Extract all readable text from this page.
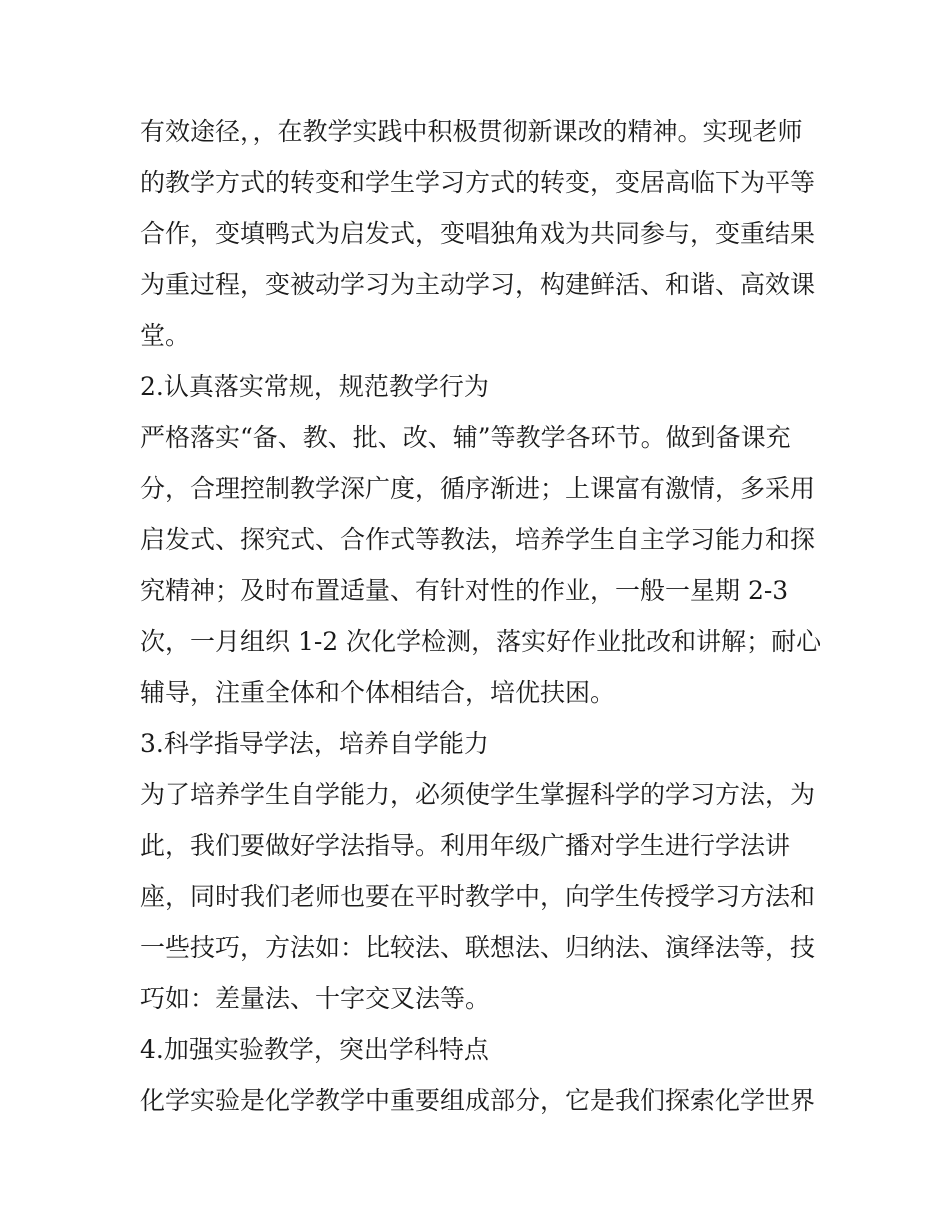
有效途径，，在教学实践中积极贯彻新课改的精神。实现老师
的教学方式的转变和学生学习方式的转变，变居高临下为平等
合作，变填鸭式为启发式，变唱独角戏为共同参与，变重结果
为重过程，变被动学习为主动学习，构建鲜活、和谐、高效课
堂。
2.认真落实常规，规范教学行为
严格落实“备、教、批、改、辅”等教学各环节。做到备课充
分，合理控制教学深广度，循序渐进；上课富有激情，多采用
启发式、探究式、合作式等教法，培养学生自主学习能力和探
究精神；及时布置适量、有针对性的作业，一般一星期 2-3
次，一月组织 1-2 次化学检测，落实好作业批改和讲解；耐心
辅导，注重全体和个体相结合，培优扶困。
3.科学指导学法，培养自学能力
为了培养学生自学能力，必须使学生掌握科学的学习方法，为
此，我们要做好学法指导。利用年级广播对学生进行学法讲
座，同时我们老师也要在平时教学中，向学生传授学习方法和
一些技巧，方法如：比较法、联想法、归纳法、演绎法等，技
巧如：差量法、十字交叉法等。
4.加强实验教学，突出学科特点
化学实验是化学教学中重要组成部分，它是我们探索化学世界
